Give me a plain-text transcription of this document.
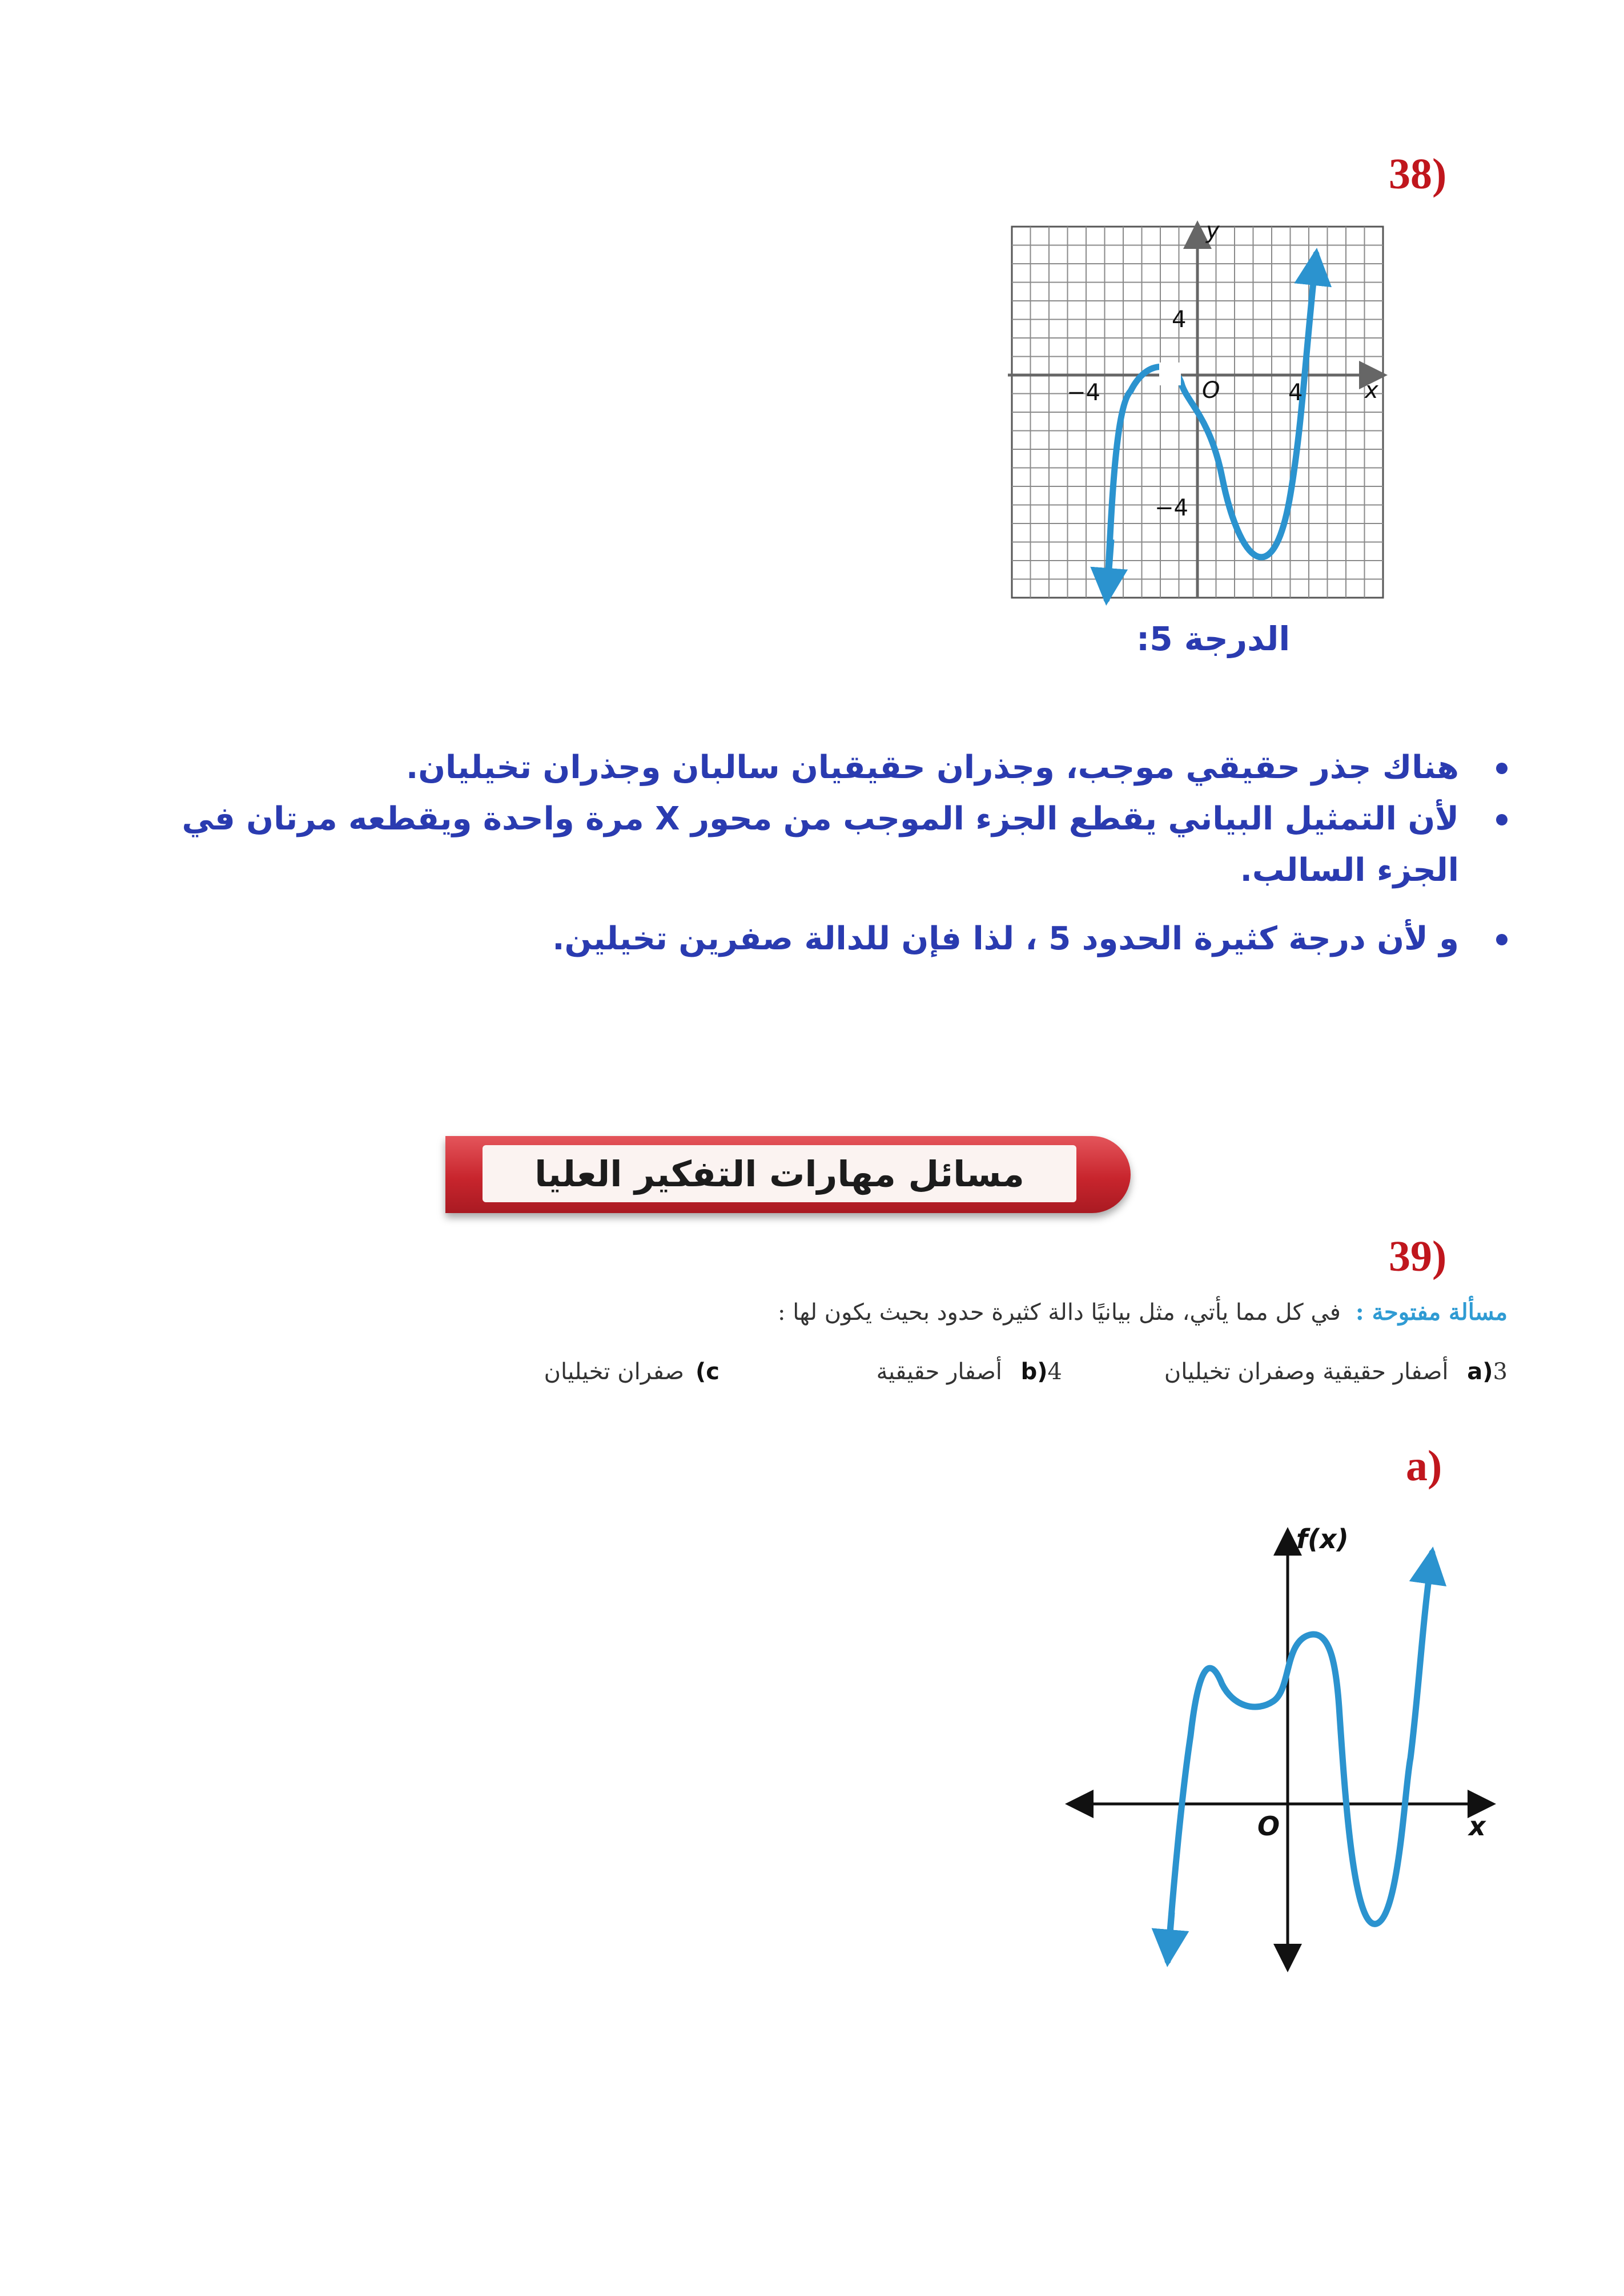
(38
y
x
O
4
−4
−4	4
الدرجة 5:
هناك جذر حقيقي موجب، وجذران حقيقيان سالبان وجذران تخيليان.
لأن التمثيل البياني يقطع الجزء الموجب من محور X مرة واحدة ويقطعه مرتان في الجزء السالب.
و لأن درجة كثيرة الحدود 5 ، لذا فإن للدالة صفرين تخيلين.
مسائل مهارات التفكير العليا
(39
مسألة مفتوحة :في كل مما يأتي، مثل بيانيًا دالة كثيرة حدود بحيث يكون لها :
a)3 أصفار حقيقية وصفران تخيليان
b)4 أصفار حقيقية
c)صفران تخيليان
(a
f(x)
x
O
